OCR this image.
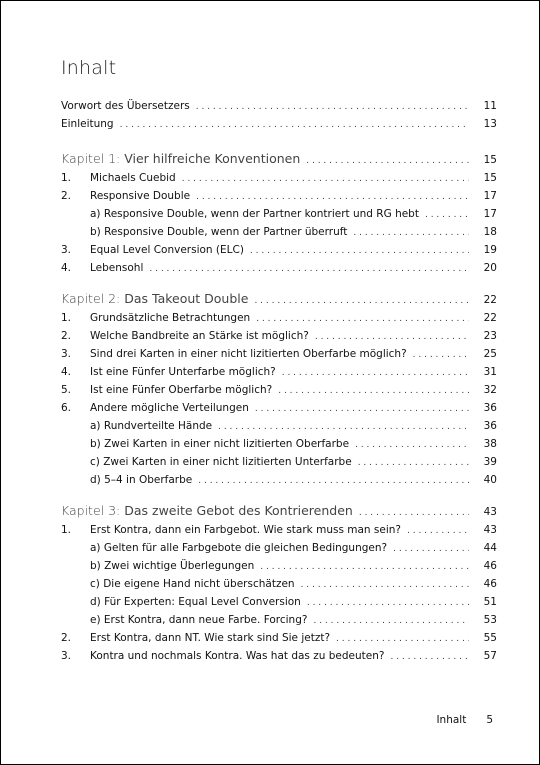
Inhalt
Vorwort des Übersetzers . . .	11
Einleitung . . .	13
Kapitel 1: Vier hilfreiche Konventionen . . .	15
1.	Michaels Cuebid . . .	15
2.	Responsive Double . . .	17
a) Responsive Double, wenn der Partner kontriert und RG hebt . . .	17
b) Responsive Double, wenn der Partner überruft . . .	18
3.	Equal Level Conversion (ELC) . . .	19
4.	Lebensohl . . .	20
Kapitel 2: Das Takeout Double . . .	22
1.	Grundsätzliche Betrachtungen . . .	22
2.	Welche Bandbreite an Stärke ist möglich? . . .	23
3.	Sind drei Karten in einer nicht lizitierten Oberfarbe möglich? . . .	25
4.	Ist eine Fünfer Unterfarbe möglich? . . .	31
5.	Ist eine Fünfer Oberfarbe möglich? . . .	32
6.	Andere mögliche Verteilungen . . .	36
a) Rundverteilte Hände . . .	36
b) Zwei Karten in einer nicht lizitierten Oberfarbe . . .	38
c) Zwei Karten in einer nicht lizitierten Unterfarbe . . .	39
d) 5–4 in Oberfarbe . . .	40
Kapitel 3: Das zweite Gebot des Kontrierenden . . .	43
1.	Erst Kontra, dann ein Farbgebot. Wie stark muss man sein? . . .	43
a) Gelten für alle Farbgebote die gleichen Bedingungen? . . .	44
b) Zwei wichtige Überlegungen . . .	46
c) Die eigene Hand nicht überschätzen . . .	46
d) Für Experten: Equal Level Conversion . . .	51
e) Erst Kontra, dann neue Farbe. Forcing? . . .	53
2.	Erst Kontra, dann NT. Wie stark sind Sie jetzt? . . .	55
3.	Kontra und nochmals Kontra. Was hat das zu bedeuten? . . .	57
Inhalt 5
